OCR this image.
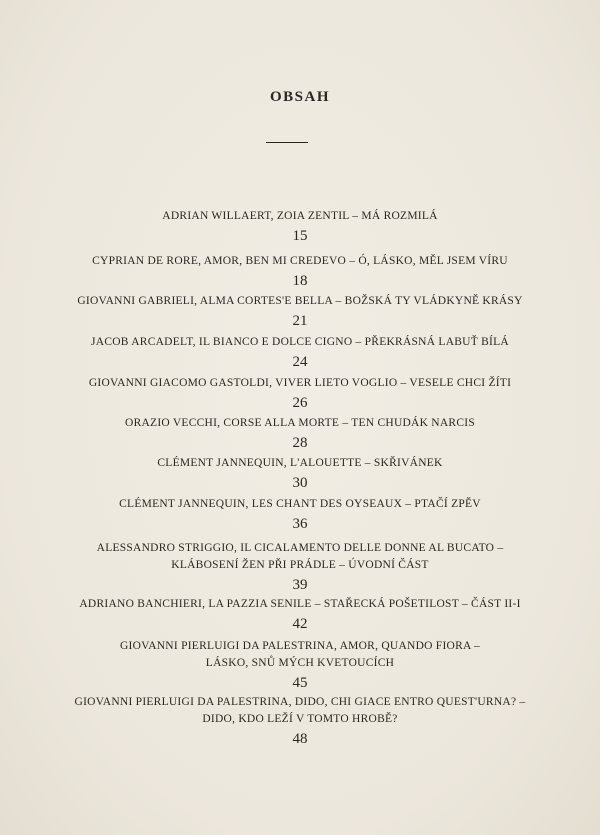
OBSAH
ADRIAN WILLAERT, ZOIA ZENTIL – MÁ ROZMILÁ
15
CYPRIAN DE RORE, AMOR, BEN MI CREDEVO – Ó, LÁSKO, MĚL JSEM VÍRU
18
GIOVANNI GABRIELI, ALMA CORTES'E BELLA – BOŽSKÁ TY VLÁDKYNĚ KRÁSY
21
JACOB ARCADELT, IL BIANCO E DOLCE CIGNO – PŘEKRÁSNÁ LABUŤ BÍLÁ
24
GIOVANNI GIACOMO GASTOLDI, VIVER LIETO VOGLIO – VESELE CHCI ŽÍTI
26
ORAZIO VECCHI, CORSE ALLA MORTE – TEN CHUDÁK NARCIS
28
CLÉMENT JANNEQUIN, L'ALOUETTE – SKŘIVÁNEK
30
CLÉMENT JANNEQUIN, LES CHANT DES OYSEAUX – PTAČÍ ZPĚV
36
ALESSANDRO STRIGGIO, IL CICALAMENTO DELLE DONNE AL BUCATO –
KLÁBOSENÍ ŽEN PŘI PRÁDLE – ÚVODNÍ ČÁST
39
ADRIANO BANCHIERI, LA PAZZIA SENILE – STAŘECKÁ POŠETILOST – ČÁST II-I
42
GIOVANNI PIERLUIGI DA PALESTRINA, AMOR, QUANDO FIORA –
LÁSKO, SNŮ MÝCH KVETOUCÍCH
45
GIOVANNI PIERLUIGI DA PALESTRINA, DIDO, CHI GIACE ENTRO QUEST'URNA? –
DIDO, KDO LEŽÍ V TOMTO HROBĚ?
48
